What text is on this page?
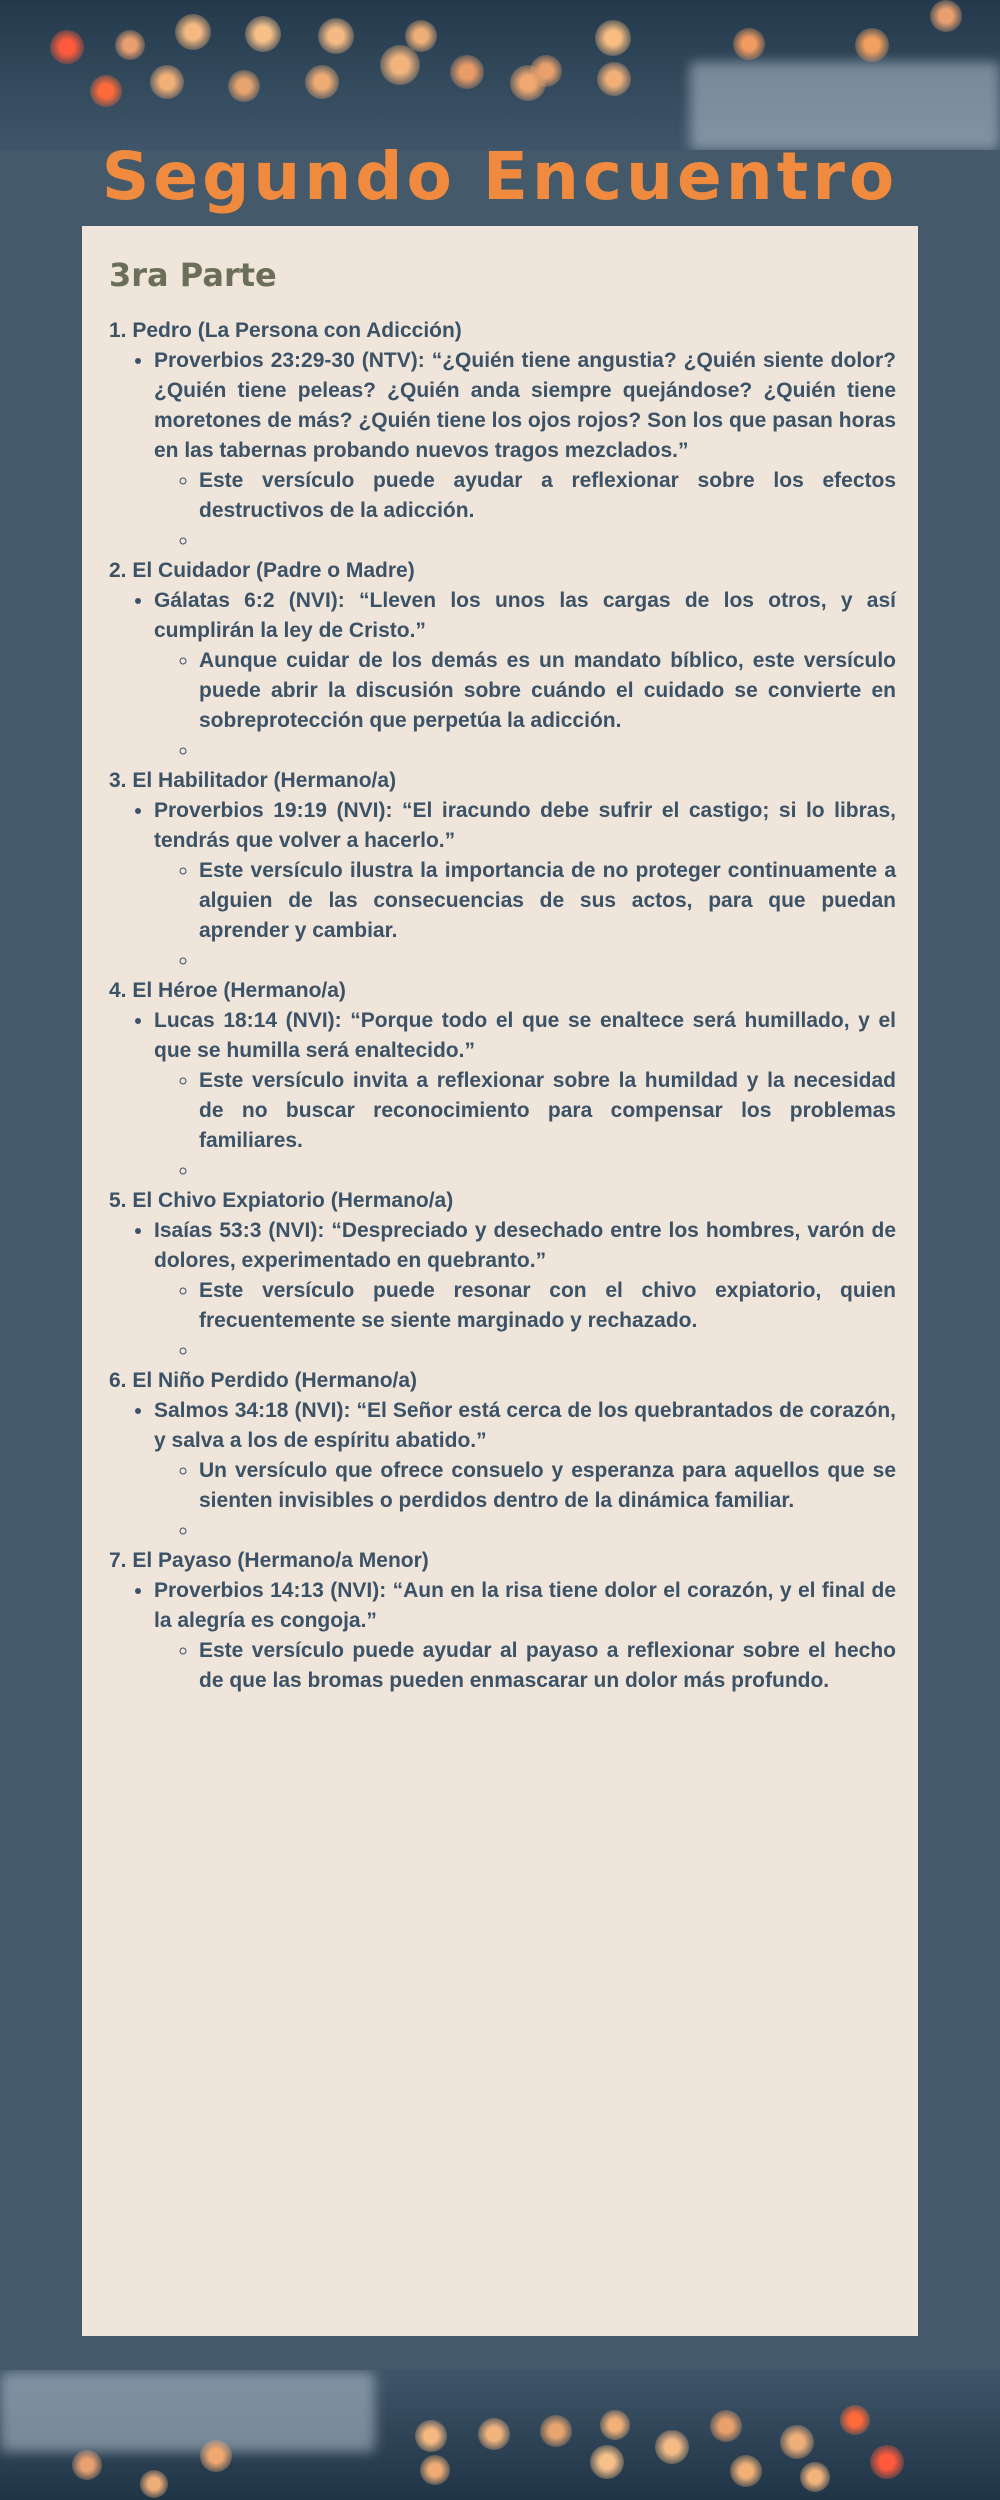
Segundo Encuentro
3ra Parte

1. Pedro (La Persona con Adicción)

• Proverbios 23:29-30 (NTV): “¿Quién tiene angustia? ¿Quién siente dolor? ¿Quién tiene peleas? ¿Quién anda siempre quejándose? ¿Quién tiene moretones de más? ¿Quién tiene los ojos rojos? Son los que pasan horas en las tabernas probando nuevos tragos mezclados.”
◦ Este versículo puede ayudar a reflexionar sobre los efectos destructivos de la adicción.
◦

2. El Cuidador (Padre o Madre)

• Gálatas 6:2 (NVI): “Lleven los unos las cargas de los otros, y así cumplirán la ley de Cristo.”
◦ Aunque cuidar de los demás es un mandato bíblico, este versículo puede abrir la discusión sobre cuándo el cuidado se convierte en sobreprotección que perpetúa la adicción.
◦

3. El Habilitador (Hermano/a)

• Proverbios 19:19 (NVI): “El iracundo debe sufrir el castigo; si lo libras, tendrás que volver a hacerlo.”
◦ Este versículo ilustra la importancia de no proteger continuamente a alguien de las consecuencias de sus actos, para que puedan aprender y cambiar.
◦

4. El Héroe (Hermano/a)

• Lucas 18:14 (NVI): “Porque todo el que se enaltece será humillado, y el que se humilla será enaltecido.”
◦ Este versículo invita a reflexionar sobre la humildad y la necesidad de no buscar reconocimiento para compensar los problemas familiares.
◦

5. El Chivo Expiatorio (Hermano/a)

• Isaías 53:3 (NVI): “Despreciado y desechado entre los hombres, varón de dolores, experimentado en quebranto.”
◦ Este versículo puede resonar con el chivo expiatorio, quien frecuentemente se siente marginado y rechazado.
◦

6. El Niño Perdido (Hermano/a)

• Salmos 34:18 (NVI): “El Señor está cerca de los quebrantados de corazón, y salva a los de espíritu abatido.”
◦ Un versículo que ofrece consuelo y esperanza para aquellos que se sienten invisibles o perdidos dentro de la dinámica familiar.
◦

7. El Payaso (Hermano/a Menor)

• Proverbios 14:13 (NVI): “Aun en la risa tiene dolor el corazón, y el final de la alegría es congoja.”
◦ Este versículo puede ayudar al payaso a reflexionar sobre el hecho de que las bromas pueden enmascarar un dolor más profundo.
